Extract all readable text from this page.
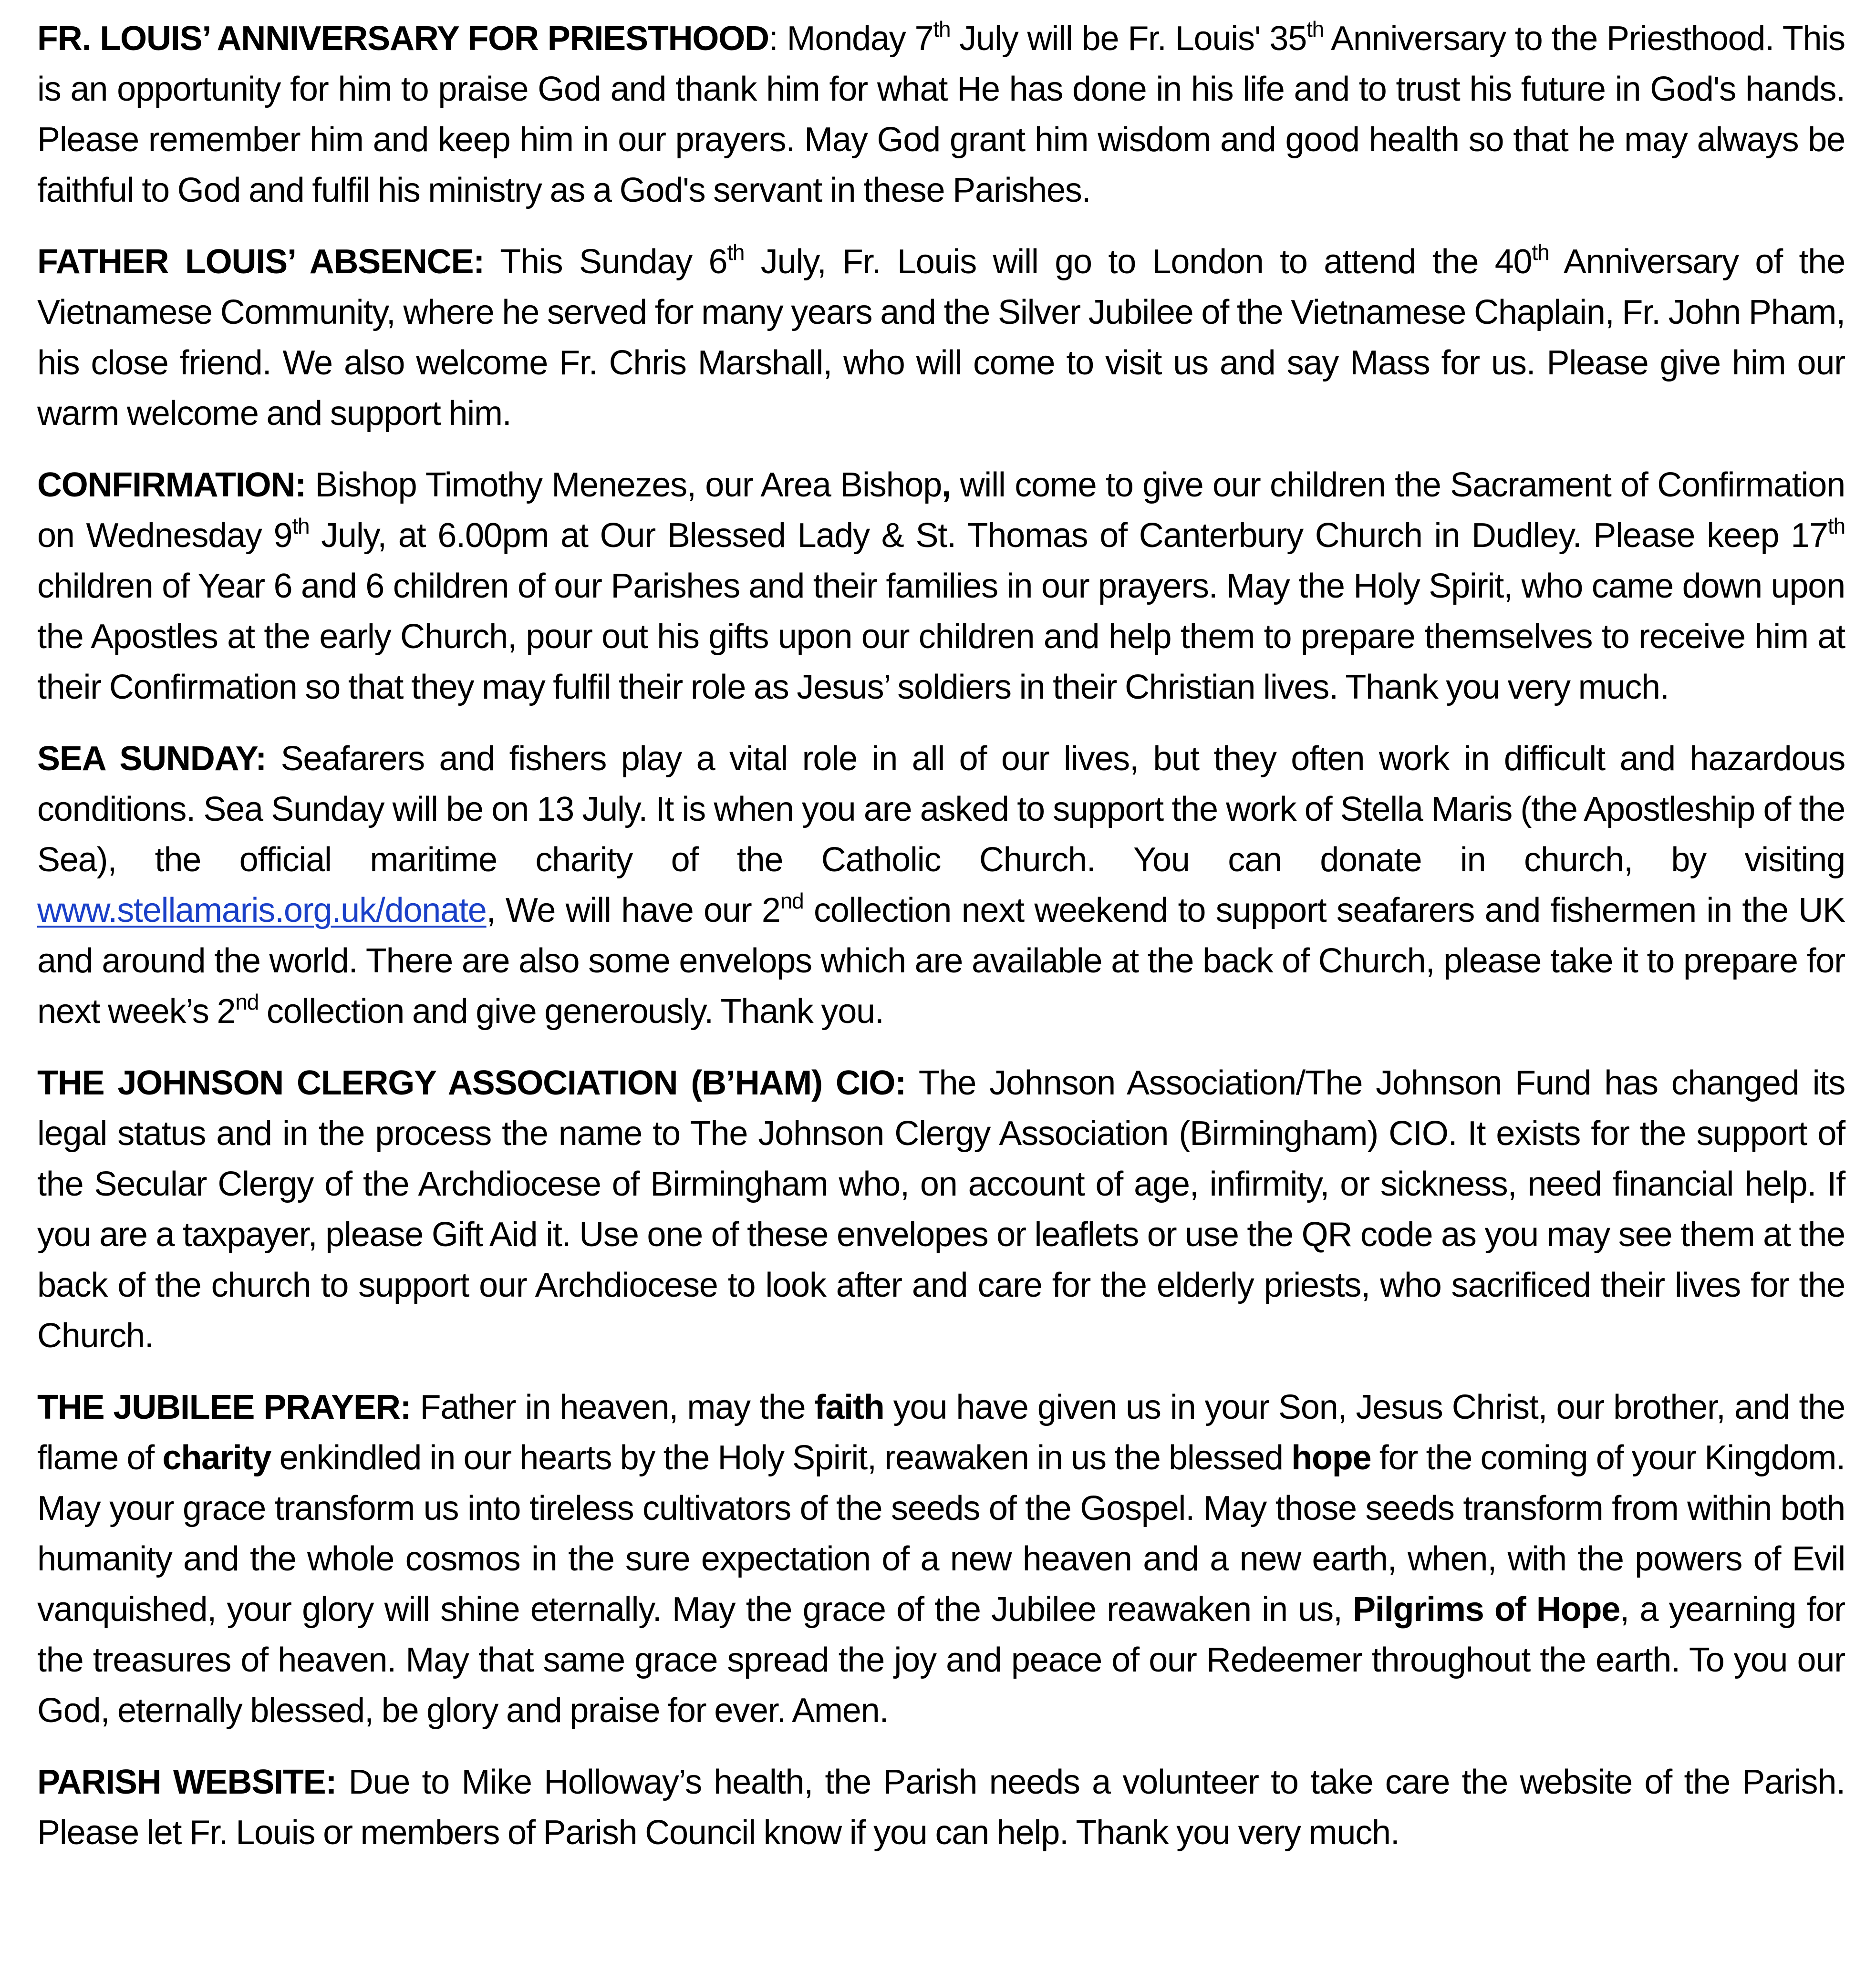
FR. LOUIS’ ANNIVERSARY FOR PRIESTHOOD: Monday 7th July will be Fr. Louis' 35th Anniversary to the Priesthood. This is an opportunity for him to praise God and thank him for what He has done in his life and to trust his future in God's hands. Please remember him and keep him in our prayers. May God grant him wisdom and good health so that he may always be faithful to God and fulfil his ministry as a God's servant in these Parishes.

FATHER LOUIS’ ABSENCE: This Sunday 6th July, Fr. Louis will go to London to attend the 40th Anniversary of the Vietnamese Community, where he served for many years and the Silver Jubilee of the Vietnamese Chaplain, Fr. John Pham, his close friend. We also welcome Fr. Chris Marshall, who will come to visit us and say Mass for us. Please give him our warm welcome and support him.

CONFIRMATION: Bishop Timothy Menezes, our Area Bishop, will come to give our children the Sacrament of Confirmation on Wednesday 9th July, at 6.00pm at Our Blessed Lady & St. Thomas of Canterbury Church in Dudley. Please keep 17th children of Year 6 and 6 children of our Parishes and their families in our prayers. May the Holy Spirit, who came down upon the Apostles at the early Church, pour out his gifts upon our children and help them to prepare themselves to receive him at their Confirmation so that they may fulfil their role as Jesus’ soldiers in their Christian lives. Thank you very much.

SEA SUNDAY: Seafarers and fishers play a vital role in all of our lives, but they often work in difficult and hazardous conditions. Sea Sunday will be on 13 July. It is when you are asked to support the work of Stella Maris (the Apostleship of the Sea), the official maritime charity of the Catholic Church. You can donate in church, by visiting www.stellamaris.org.uk/donate, We will have our 2nd collection next weekend to support seafarers and fishermen in the UK and around the world. There are also some envelops which are available at the back of Church, please take it to prepare for next week’s 2nd collection and give generously. Thank you.

THE JOHNSON CLERGY ASSOCIATION (B’HAM) CIO: The Johnson Association/The Johnson Fund has changed its legal status and in the process the name to The Johnson Clergy Association (Birmingham) CIO. It exists for the support of the Secular Clergy of the Archdiocese of Birmingham who, on account of age, infirmity, or sickness, need financial help. If you are a taxpayer, please Gift Aid it. Use one of these envelopes or leaflets or use the QR code as you may see them at the back of the church to support our Archdiocese to look after and care for the elderly priests, who sacrificed their lives for the Church.

THE JUBILEE PRAYER: Father in heaven, may the faith you have given us in your Son, Jesus Christ, our brother, and the flame of charity enkindled in our hearts by the Holy Spirit, reawaken in us the blessed hope for the coming of your Kingdom. May your grace transform us into tireless cultivators of the seeds of the Gospel. May those seeds transform from within both humanity and the whole cosmos in the sure expectation of a new heaven and a new earth, when, with the powers of Evil vanquished, your glory will shine eternally. May the grace of the Jubilee reawaken in us, Pilgrims of Hope, a yearning for the treasures of heaven. May that same grace spread the joy and peace of our Redeemer throughout the earth. To you our God, eternally blessed, be glory and praise for ever. Amen.

PARISH WEBSITE: Due to Mike Holloway’s health, the Parish needs a volunteer to take care the website of the Parish. Please let Fr. Louis or members of Parish Council know if you can help. Thank you very much.
